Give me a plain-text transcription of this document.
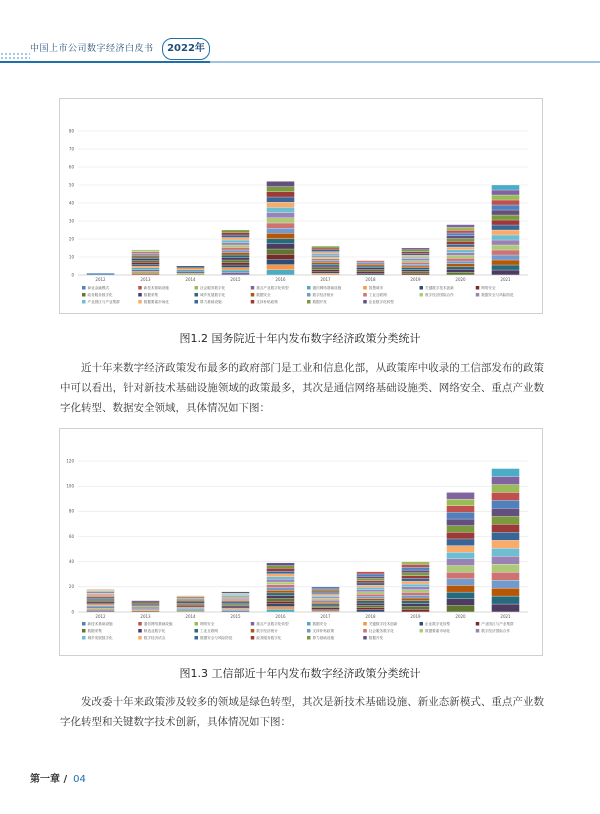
中国上市公司数字经济白皮书	2022年
0
10
20
30
40
50
60
70
80
2012	2013	2014	2015	2016	2017	2018	2019	2020	2021
商业金融模式	新技术基础设施	社会服务数字化	重点产业数字化转型	通信网络基础设施	智慧城市	关键数字技术创新	网络安全
政务服务数字化	数据采集	城乡发展数字化	数据安全	数字经济统计	工业互联网	数字经济国际合作	数据安全与风险防范
产业园区与产业集群	数据要素市场化	算力基础设施	支持补贴政策	数据开发	企业数字化转型
图1.2 国务院近十年内发布数字经济政策分类统计
近十年来数字经济政策发布最多的政府部门是工业和信息化部，从政策库中收录的工信部发布的政策中可以看出，针对新技术基础设施领域的政策最多，其次是通信网络基础设施类、网络安全、重点产业数字化转型、数据安全领域，具体情况如下图：
0
20
40
60
80
100
120
2012	2013	2014	2015	2016	2017	2018	2019	2020	2021
新技术基础设施	通信网络基础设施	网络安全	重点产业数字化转型	数据安全	关键数字技术创新	企业数字化转型	产业园区与产业集群
数据采集	制造业数字化	工业互联网	数字经济统计	支持补贴政策	社会服务数字化	数据要素市场化	数字经济国际合作
城乡发展数字化	数字经济试点	数据安全与风险防范	政务服务数字化	算力基础设施	数据开发
图1.3 工信部近十年内发布数字经济政策分类统计
发改委十年来政策涉及较多的领域是绿色转型，其次是新技术基础设施、新业态新模式、重点产业数字化转型和关键数字技术创新，具体情况如下图：
第一章 / 04
